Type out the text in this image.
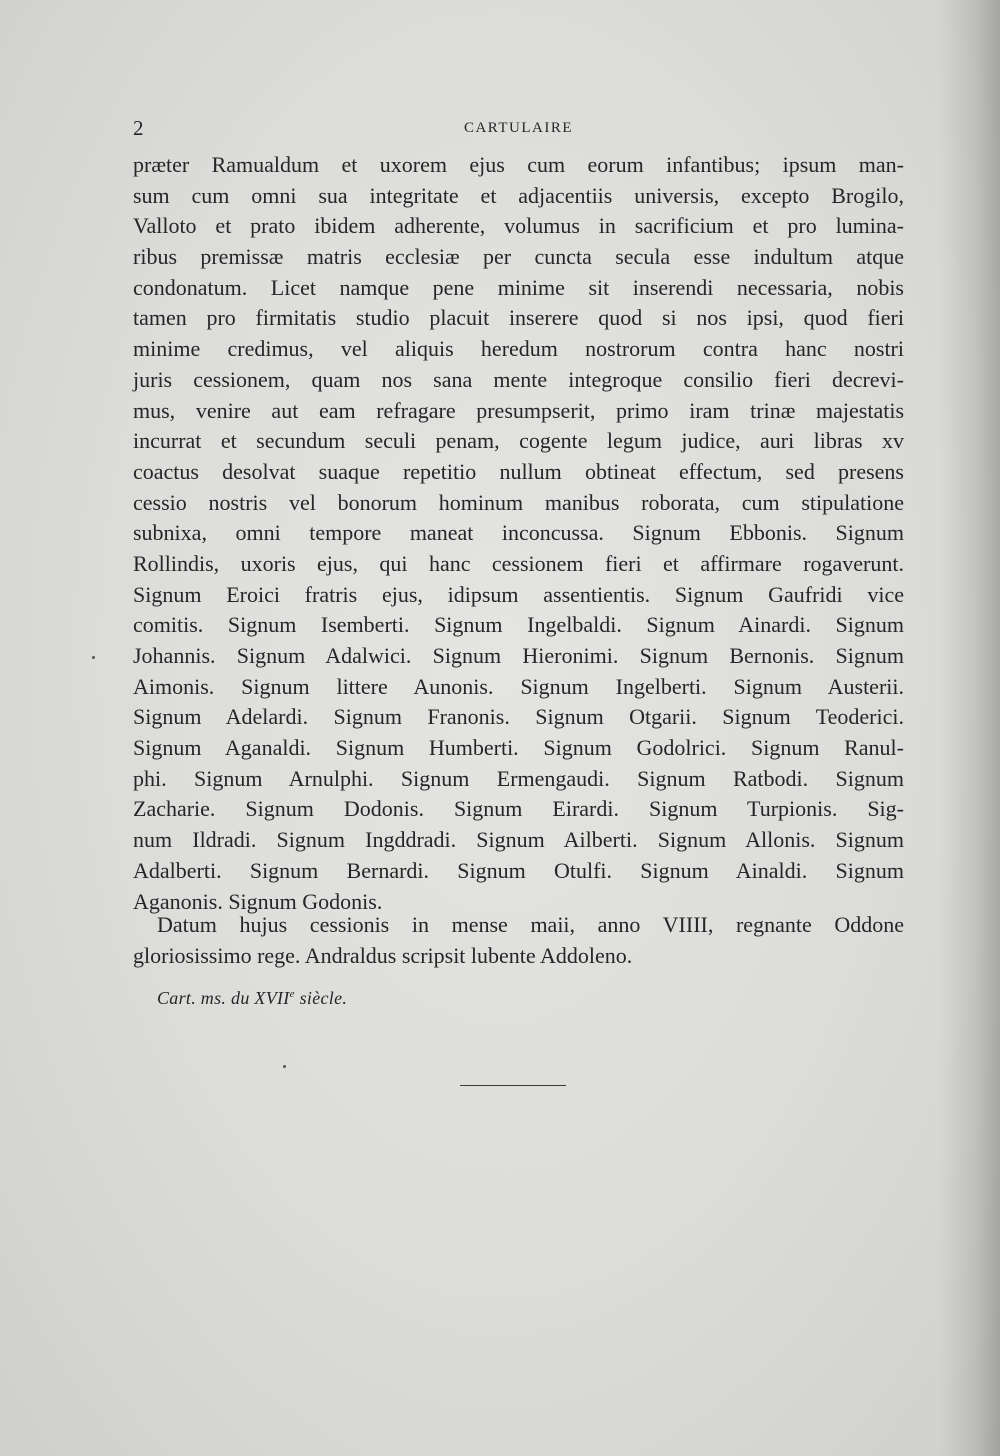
2	CARTULAIRE
præter Ramualdum et uxorem ejus cum eorum infantibus; ipsum man-
sum cum omni sua integritate et adjacentiis universis, excepto Brogilo,
Valloto et prato ibidem adherente, volumus in sacrificium et pro lumina-
ribus premissæ matris ecclesiæ per cuncta secula esse indultum atque
condonatum. Licet namque pene minime sit inserendi necessaria, nobis
tamen pro firmitatis studio placuit inserere quod si nos ipsi, quod fieri
minime credimus, vel aliquis heredum nostrorum contra hanc nostri
juris cessionem, quam nos sana mente integroque consilio fieri decrevi-
mus, venire aut eam refragare presumpserit, primo iram trinæ majestatis
incurrat et secundum seculi penam, cogente legum judice, auri libras xv
coactus desolvat suaque repetitio nullum obtineat effectum, sed presens
cessio nostris vel bonorum hominum manibus roborata, cum stipulatione
subnixa, omni tempore maneat inconcussa. Signum Ebbonis. Signum
Rollindis, uxoris ejus, qui hanc cessionem fieri et affirmare rogaverunt.
Signum Eroici fratris ejus, idipsum assentientis. Signum Gaufridi vice
comitis. Signum Isemberti. Signum Ingelbaldi. Signum Ainardi. Signum
Johannis. Signum Adalwici. Signum Hieronimi. Signum Bernonis. Signum
Aimonis. Signum littere Aunonis. Signum Ingelberti. Signum Austerii.
Signum Adelardi. Signum Franonis. Signum Otgarii. Signum Teoderici.
Signum Aganaldi. Signum Humberti. Signum Godolrici. Signum Ranul-
phi. Signum Arnulphi. Signum Ermengaudi. Signum Ratbodi. Signum
Zacharie. Signum Dodonis. Signum Eirardi. Signum Turpionis. Sig-
num Ildradi. Signum Ingddradi. Signum Ailberti. Signum Allonis. Signum
Adalberti. Signum Bernardi. Signum Otulfi. Signum Ainaldi. Signum
Aganonis. Signum Godonis.
Datum hujus cessionis in mense maii, anno VIIII, regnante Oddone
gloriosissimo rege. Andraldus scripsit lubente Addoleno.
Cart. ms. du XVIIe siècle.
